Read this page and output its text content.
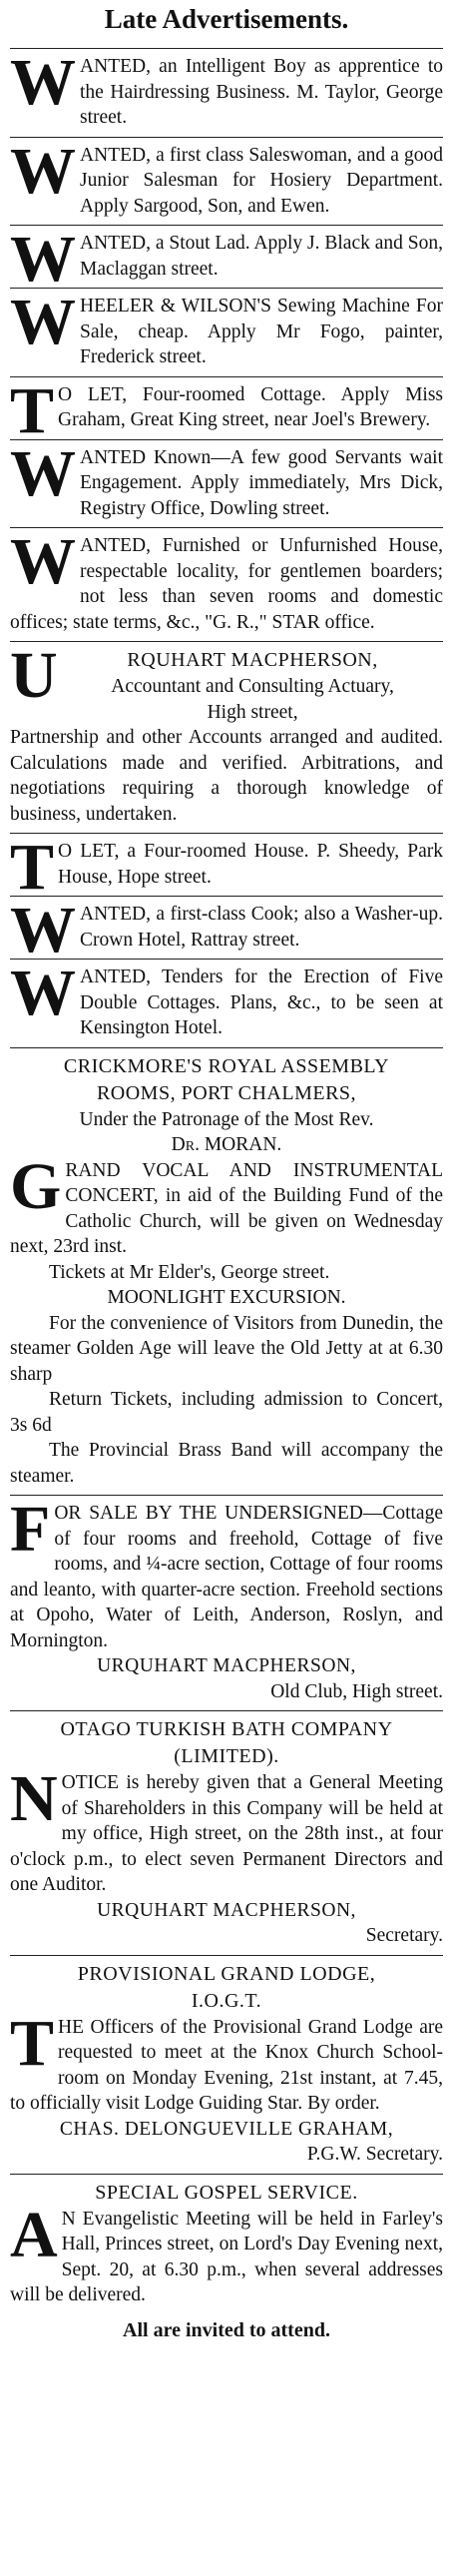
Late Advertisements.

WANTED, an Intelligent Boy as apprentice to the Hairdressing Business. M. Taylor, George street.

WANTED, a first class Saleswoman, and a good Junior Salesman for Hosiery Department. Apply Sargood, Son, and Ewen.

WANTED, a Stout Lad. Apply J. Black and Son, Maclaggan street.

WHEELER & WILSON'S Sewing Machine For Sale, cheap. Apply Mr Fogo, painter, Frederick street.

TO LET, Four-roomed Cottage. Apply Miss Graham, Great King street, near Joel's Brewery.

WANTED Known—A few good Servants wait Engagement. Apply immediately, Mrs Dick, Registry Office, Dowling street.

WANTED, Furnished or Unfurnished House, respectable locality, for gentlemen boarders; not less than seven rooms and domestic offices; state terms, &c., "G. R.," STAR office.

URQUHART MACPHERSON,
Accountant and Consulting Actuary,
High street,

Partnership and other Accounts arranged and audited. Calculations made and verified. Arbitrations, and negotiations requiring a thorough knowledge of business, undertaken.

TO LET, a Four-roomed House. P. Sheedy, Park House, Hope street.

WANTED, a first-class Cook; also a Washer-up. Crown Hotel, Rattray street.

WANTED, Tenders for the Erection of Five Double Cottages. Plans, &c., to be seen at Kensington Hotel.

CRICKMORE'S ROYAL ASSEMBLY
ROOMS, PORT CHALMERS,
Under the Patronage of the Most Rev.
Dr. MORAN.

GRAND VOCAL AND INSTRUMENTAL CONCERT, in aid of the Building Fund of the Catholic Church, will be given on Wednesday next, 23rd inst.

Tickets at Mr Elder's, George street.

MOONLIGHT EXCURSION.

For the convenience of Visitors from Dunedin, the steamer Golden Age will leave the Old Jetty at at 6.30 sharp

Return Tickets, including admission to Concert, 3s 6d

The Provincial Brass Band will accompany the steamer.

FOR SALE BY THE UNDERSIGNED—Cottage of four rooms and freehold, Cottage of five rooms, and ¼-acre section, Cottage of four rooms and leanto, with quarter-acre section. Freehold sections at Opoho, Water of Leith, Anderson, Roslyn, and Mornington.

URQUHART MACPHERSON,
Old Club, High street.
OTAGO TURKISH BATH COMPANY
(LIMITED).

NOTICE is hereby given that a General Meeting of Shareholders in this Company will be held at my office, High street, on the 28th inst., at four o'clock p.m., to elect seven Permanent Directors and one Auditor.

URQUHART MACPHERSON,
Secretary.
PROVISIONAL GRAND LODGE,
I.O.G.T.

THE Officers of the Provisional Grand Lodge are requested to meet at the Knox Church School-room on Monday Evening, 21st instant, at 7.45, to officially visit Lodge Guiding Star. By order.

CHAS. DELONGUEVILLE GRAHAM,
P.G.W. Secretary.
SPECIAL GOSPEL SERVICE.

AN Evangelistic Meeting will be held in Farley's Hall, Princes street, on Lord's Day Evening next, Sept. 20, at 6.30 p.m., when several addresses will be delivered.

All are invited to attend.
